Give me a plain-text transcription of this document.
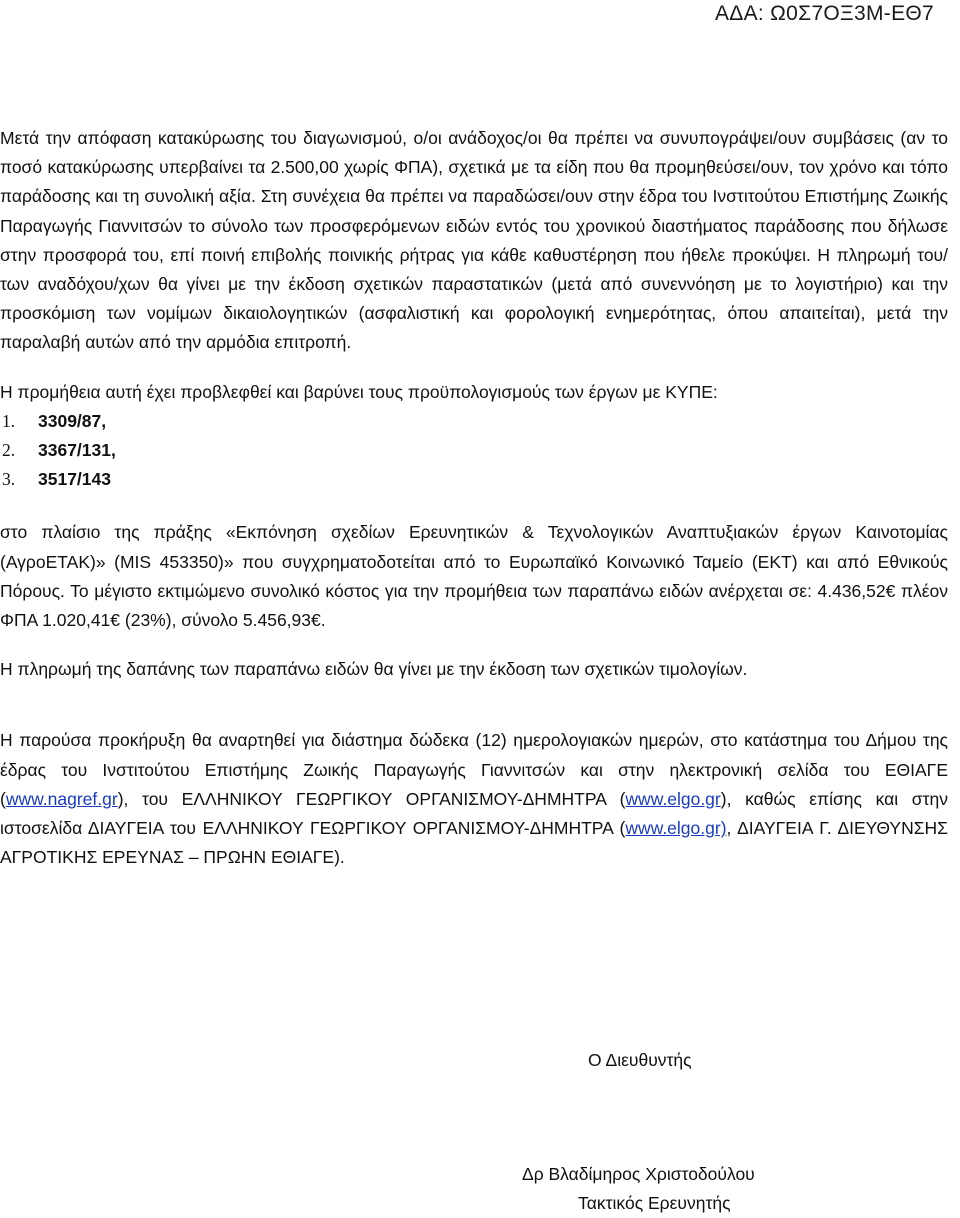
ΑΔΑ: Ω0Σ7ΟΞ3Μ-ΕΘ7

Μετά την απόφαση κατακύρωσης του διαγωνισμού, ο/οι ανάδοχος/οι θα πρέπει να συνυπογράψει/ουν συμβάσεις (αν το ποσό κατακύρωσης υπερβαίνει τα 2.500,00 χωρίς ΦΠΑ), σχετικά με τα είδη που θα προμηθεύσει/ουν, τον χρόνο και τόπο παράδοσης και τη συνολική αξία. Στη συνέχεια θα πρέπει να παραδώσει/ουν στην έδρα του Ινστιτούτου Επιστήμης Ζωικής Παραγωγής Γιαννιτσών το σύνολο των προσφερόμενων ειδών εντός του χρονικού διαστήματος παράδοσης που δήλωσε στην προσφορά του, επί ποινή επιβολής ποινικής ρήτρας για κάθε καθυστέρηση που ήθελε προκύψει. Η πληρωμή του/των αναδόχου/χων θα γίνει με την έκδοση σχετικών παραστατικών (μετά από συνεννόηση με το λογιστήριο) και την προσκόμιση των νομίμων δικαιολογητικών (ασφαλιστική και φορολογική ενημερότητας, όπου απαιτείται), μετά την παραλαβή αυτών από την αρμόδια επιτροπή.

Η προμήθεια αυτή έχει προβλεφθεί και βαρύνει τους προϋπολογισμούς των έργων με ΚΥΠΕ:

1.	3309/87,
2.	3367/131,
3.	3517/143

στο πλαίσιο της πράξης «Εκπόνηση σχεδίων Ερευνητικών & Τεχνολογικών Αναπτυξιακών έργων Καινοτομίας (ΑγροΕΤΑΚ)» (MIS 453350)» που συγχρηματοδοτείται από το Ευρωπαϊκό Κοινωνικό Ταμείο (ΕΚΤ) και από Εθνικούς Πόρους. Το μέγιστο εκτιμώμενο συνολικό κόστος για την προμήθεια των παραπάνω ειδών ανέρχεται σε: 4.436,52€ πλέον ΦΠΑ 1.020,41€ (23%), σύνολο 5.456,93€.

Η πληρωμή της δαπάνης των παραπάνω ειδών θα γίνει με την έκδοση των σχετικών τιμολογίων.

Η παρούσα προκήρυξη θα αναρτηθεί για διάστημα δώδεκα (12) ημερολογιακών ημερών, στο κατάστημα του Δήμου της έδρας του Ινστιτούτου Επιστήμης Ζωικής Παραγωγής Γιαννιτσών και στην ηλεκτρονική σελίδα του ΕΘΙΑΓΕ (www.nagref.gr), του ΕΛΛΗΝΙΚΟΥ ΓΕΩΡΓΙΚΟΥ ΟΡΓΑΝΙΣΜΟΥ-ΔΗΜΗΤΡΑ (www.elgo.gr), καθώς επίσης και στην ιστοσελίδα ΔΙΑΥΓΕΙΑ του ΕΛΛΗΝΙΚΟΥ ΓΕΩΡΓΙΚΟΥ ΟΡΓΑΝΙΣΜΟΥ-ΔΗΜΗΤΡΑ (www.elgo.gr), ΔΙΑΥΓΕΙΑ Γ. ΔΙΕΥΘΥΝΣΗΣ ΑΓΡΟΤΙΚΗΣ ΕΡΕΥΝΑΣ – ΠΡΩΗΝ ΕΘΙΑΓΕ).

Ο Διευθυντής
Δρ Βλαδίμηρος Χριστοδούλου
Τακτικός Ερευνητής
